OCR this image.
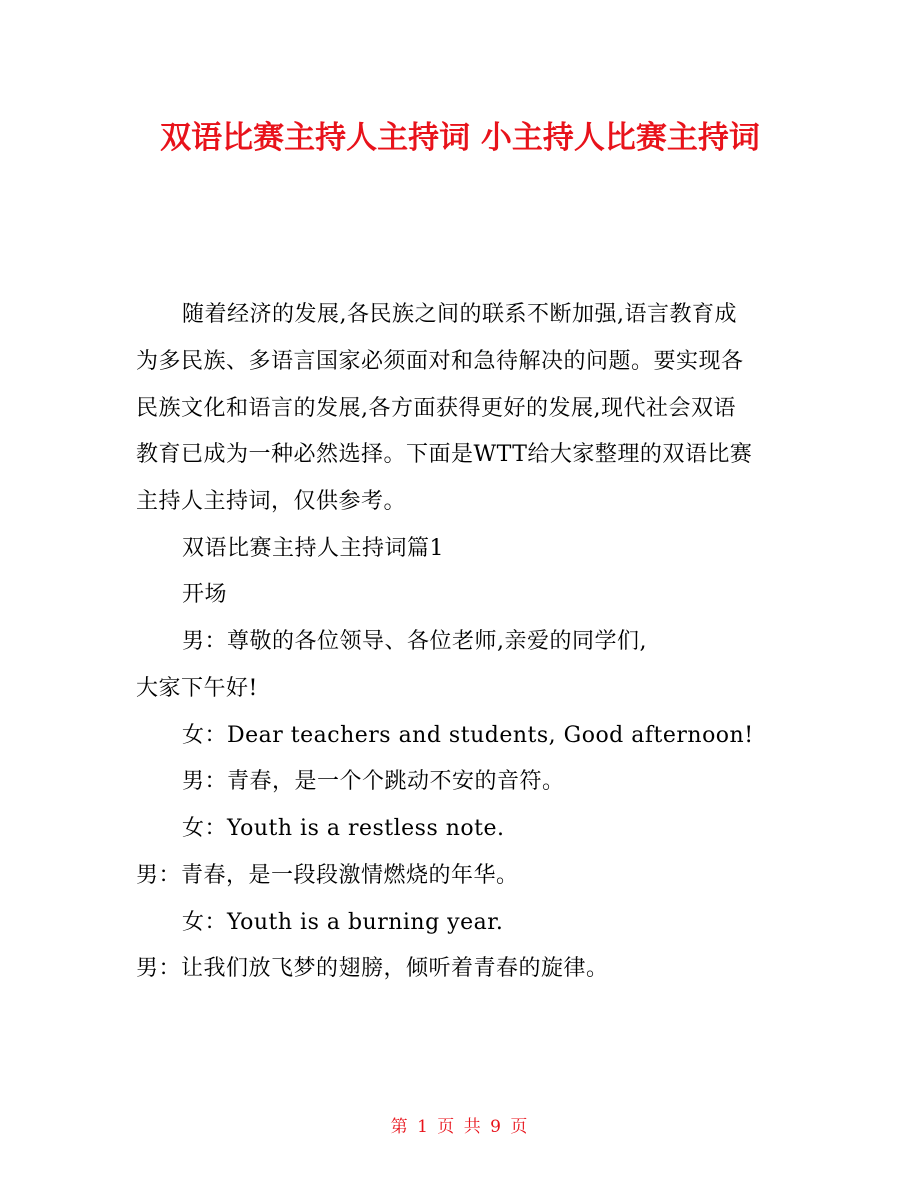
双语比赛主持人主持词 小主持人比赛主持词
随着经济的发展,各民族之间的联系不断加强,语言教育成
为多民族、多语言国家必须面对和急待解决的问题。要实现各
民族文化和语言的发展,各方面获得更好的发展,现代社会双语
教育已成为一种必然选择。下面是WTT给大家整理的双语比赛
主持人主持词，仅供参考。
双语比赛主持人主持词篇1
开场
男：尊敬的各位领导、各位老师,亲爱的同学们,
大家下午好!
女：Dear teachers and students, Good afternoon!
男：青春，是一个个跳动不安的音符。
女：Youth is a restless note.
男：青春，是一段段激情燃烧的年华。
女：Youth is a burning year.
男：让我们放飞梦的翅膀，倾听着青春的旋律。
第 1 页 共 9 页
